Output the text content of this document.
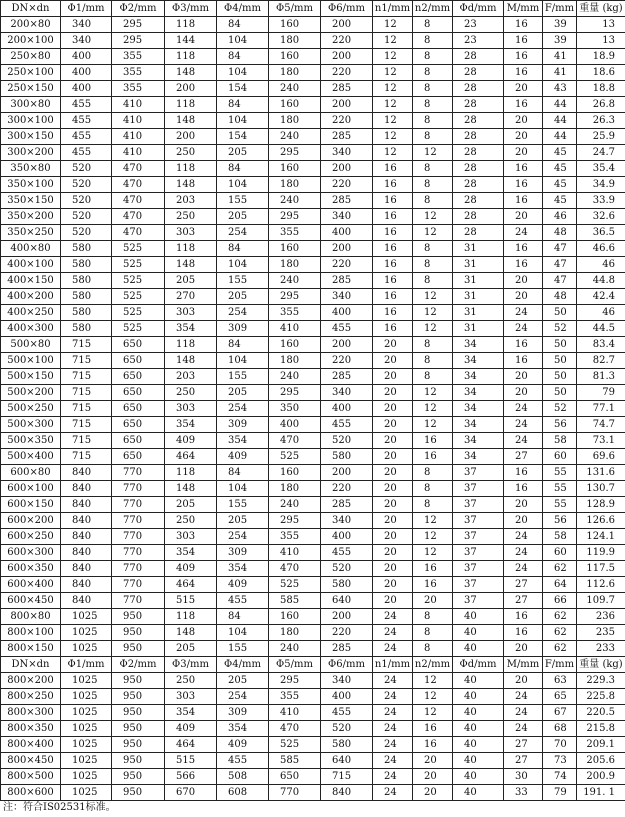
DN×dn	Φ1/mm	Φ2/mm	Φ3/mm	Φ4/mm	Φ5/mm	Φ6/mm	n1/mm	n2/mm	Φd/mm	M/mm	F/mm	重量 (kg)
200×80	340	295	118	84	160	200	12	8	23	16	39	13
200×100	340	295	144	104	180	220	12	8	23	16	39	13
250×80	400	355	118	84	160	200	12	8	28	16	41	18.9
250×100	400	355	148	104	180	220	12	8	28	16	41	18.6
250×150	400	355	200	154	240	285	12	8	28	20	43	18.8
300×80	455	410	118	84	160	200	12	8	28	16	44	26.8
300×100	455	410	148	104	180	220	12	8	28	20	44	26.3
300×150	455	410	200	154	240	285	12	8	28	20	44	25.9
300×200	455	410	250	205	295	340	12	12	28	20	45	24.7
350×80	520	470	118	84	160	200	16	8	28	16	45	35.4
350×100	520	470	148	104	180	220	16	8	28	16	45	34.9
350×150	520	470	203	155	240	285	16	8	28	16	45	33.9
350×200	520	470	250	205	295	340	16	12	28	20	46	32.6
350×250	520	470	303	254	355	400	16	12	28	24	48	36.5
400×80	580	525	118	84	160	200	16	8	31	16	47	46.6
400×100	580	525	148	104	180	220	16	8	31	16	47	46
400×150	580	525	205	155	240	285	16	8	31	20	47	44.8
400×200	580	525	270	205	295	340	16	12	31	20	48	42.4
400×250	580	525	303	254	355	400	16	12	31	24	50	46
400×300	580	525	354	309	410	455	16	12	31	24	52	44.5
500×80	715	650	118	84	160	200	20	8	34	16	50	83.4
500×100	715	650	148	104	180	220	20	8	34	16	50	82.7
500×150	715	650	203	155	240	285	20	8	34	20	50	81.3
500×200	715	650	250	205	295	340	20	12	34	20	50	79
500×250	715	650	303	254	350	400	20	12	34	24	52	77.1
500×300	715	650	354	309	400	455	20	12	34	24	56	74.7
500×350	715	650	409	354	470	520	20	16	34	24	58	73.1
500×400	715	650	464	409	525	580	20	16	34	27	60	69.6
600×80	840	770	118	84	160	200	20	8	37	16	55	131.6
600×100	840	770	148	104	180	220	20	8	37	16	55	130.7
600×150	840	770	205	155	240	285	20	8	37	20	55	128.9
600×200	840	770	250	205	295	340	20	12	37	20	56	126.6
600×250	840	770	303	254	355	400	20	12	37	24	58	124.1
600×300	840	770	354	309	410	455	20	12	37	24	60	119.9
600×350	840	770	409	354	470	520	20	16	37	24	62	117.5
600×400	840	770	464	409	525	580	20	16	37	27	64	112.6
600×450	840	770	515	455	585	640	20	20	37	27	66	109.7
800×80	1025	950	118	84	160	200	24	8	40	16	62	236
800×100	1025	950	148	104	180	220	24	8	40	16	62	235
800×150	1025	950	205	155	240	285	24	8	40	20	62	233
DN×dn	Φ1/mm	Φ2/mm	Φ3/mm	Φ4/mm	Φ5/mm	Φ6/mm	n1/mm	n2/mm	Φd/mm	M/mm	F/mm	重量 (kg)
800×200	1025	950	250	205	295	340	24	12	40	20	63	229.3
800×250	1025	950	303	254	355	400	24	12	40	24	65	225.8
800×300	1025	950	354	309	410	455	24	12	40	24	67	220.5
800×350	1025	950	409	354	470	520	24	16	40	24	68	215.8
800×400	1025	950	464	409	525	580	24	16	40	27	70	209.1
800×450	1025	950	515	455	585	640	24	20	40	27	73	205.6
800×500	1025	950	566	508	650	715	24	20	40	30	74	200.9
800×600	1025	950	670	608	770	840	24	20	40	33	79	191. 1
注：符合IS02531标准。
